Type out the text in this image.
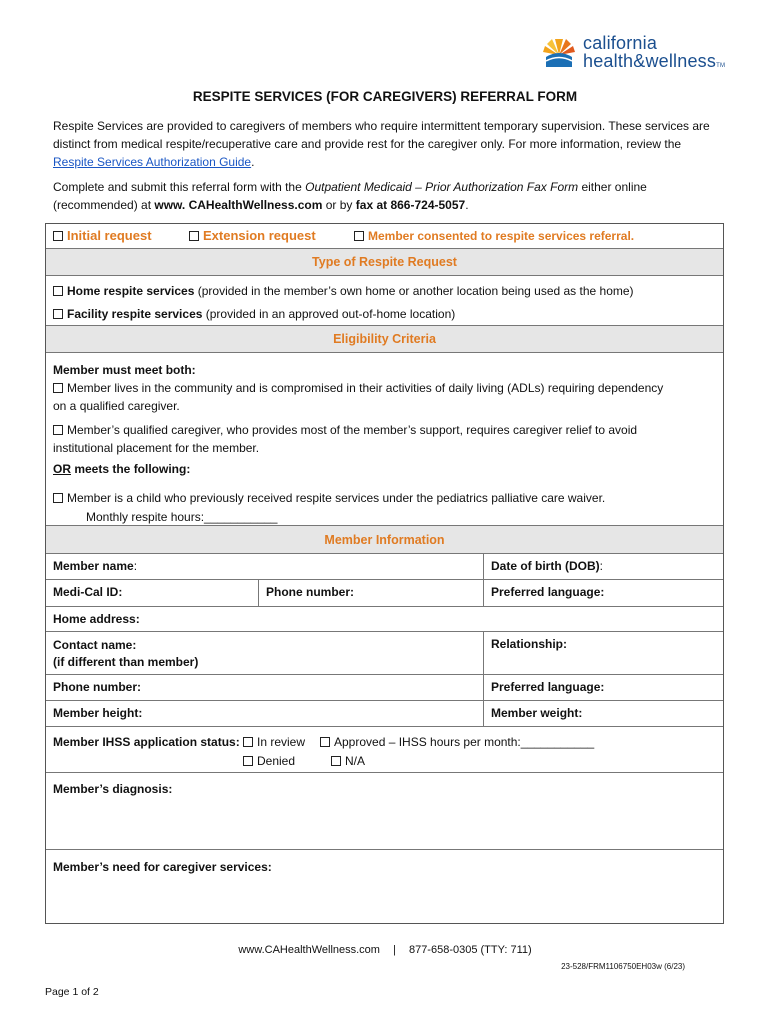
california
health&wellnessTM
RESPITE SERVICES (FOR CAREGIVERS) REFERRAL FORM

Respite Services are provided to caregivers of members who require intermittent temporary supervision. These services are distinct from medical respite/recuperative care and provide rest for the caregiver only. For more information, review the Respite Services Authorization Guide.

Complete and submit this referral form with the Outpatient Medicaid – Prior Authorization Fax Form either online (recommended) at www. CAHealthWellness.com or by fax at 866-724-5057.

Initial request	Extension request	Member consented to respite services referral.
Type of Respite Request
Home respite services (provided in the member’s own home or another location being used as the home)
Facility respite services (provided in an approved out-of-home location)
Eligibility Criteria
Member must meet both:
Member lives in the community and is compromised in their activities of daily living (ADLs) requiring dependency
on a qualified caregiver.
Member’s qualified caregiver, who provides most of the member’s support, requires caregiver relief to avoid
institutional placement for the member.
OR meets the following:
Member is a child who previously received respite services under the pediatrics palliative care waiver.
Monthly respite hours:___________
Member Information
Member name:	Date of birth (DOB):
Medi-Cal ID:	Phone number:	Preferred language:
Home address:
Contact name:
(if different than member)
Relationship:
Phone number:	Preferred language:
Member height:	Member weight:
Member IHSS application status:	In review	Approved – IHSS hours per month:___________
Denied	N/A
Member’s diagnosis:
Member’s need for caregiver services:
www.CAHealthWellness.com | 877-658-0305 (TTY: 711)
23-528/FRM1106750EH03w (6/23)
Page 1 of 2
